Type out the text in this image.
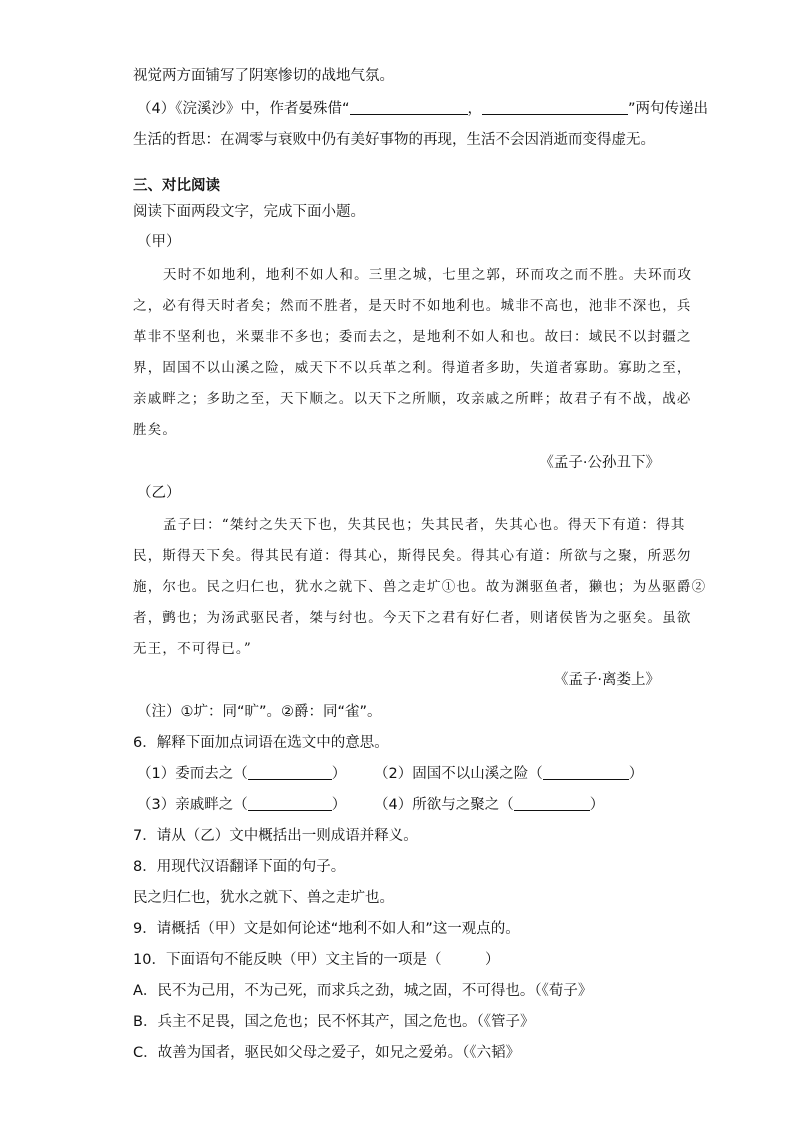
视觉两方面铺写了阴寒惨切的战地气氛。
（4）《浣溪沙》中，作者晏殊借“	，	”两句传递出
生活的哲思：在凋零与衰败中仍有美好事物的再现，生活不会因消逝而变得虚无。
三、对比阅读
阅读下面两段文字，完成下面小题。
（甲）
天时不如地利，地利不如人和。三里之城，七里之郭，环而攻之而不胜。夫环而攻
之，必有得天时者矣；然而不胜者，是天时不如地利也。城非不高也，池非不深也，兵
革非不坚利也，米粟非不多也；委而去之，是地利不如人和也。故曰：域民不以封疆之
界，固国不以山溪之险，威天下不以兵革之利。得道者多助，失道者寡助。寡助之至，
亲戚畔之；多助之至，天下顺之。以天下之所顺，攻亲戚之所畔；故君子有不战，战必
胜矣。
《孟子·公孙丑下》
（乙）
孟子曰：“桀纣之失天下也，失其民也；失其民者，失其心也。得天下有道：得其
民，斯得天下矣。得其民有道：得其心，斯得民矣。得其心有道：所欲与之聚，所恶勿
施，尔也。民之归仁也，犹水之就下、兽之走圹①也。故为渊驱鱼者，獭也；为丛驱爵②
者，鹯也；为汤武驱民者，桀与纣也。今天下之君有好仁者，则诸侯皆为之驱矣。虽欲
无王，不可得已。”
《孟子·离娄上》
（注）①圹：同“旷”。②爵：同“雀”。
6．解释下面加点词语在选文中的意思。
（1）委而去之（	） （2）固国不以山溪之险（	）
（3）亲戚畔之（	） （4）所欲与之聚之（	）
7．请从（乙）文中概括出一则成语并释义。
8．用现代汉语翻译下面的句子。
民之归仁也，犹水之就下、兽之走圹也。
9．请概括（甲）文是如何论述“地利不如人和”这一观点的。
10．下面语句不能反映（甲）文主旨的一项是（　　　）
A．民不为己用，不为己死，而求兵之劲，城之固，不可得也。（《荀子》
B．兵主不足畏，国之危也；民不怀其产，国之危也。（《管子》
C．故善为国者，驱民如父母之爱子，如兄之爱弟。（《六韬》
